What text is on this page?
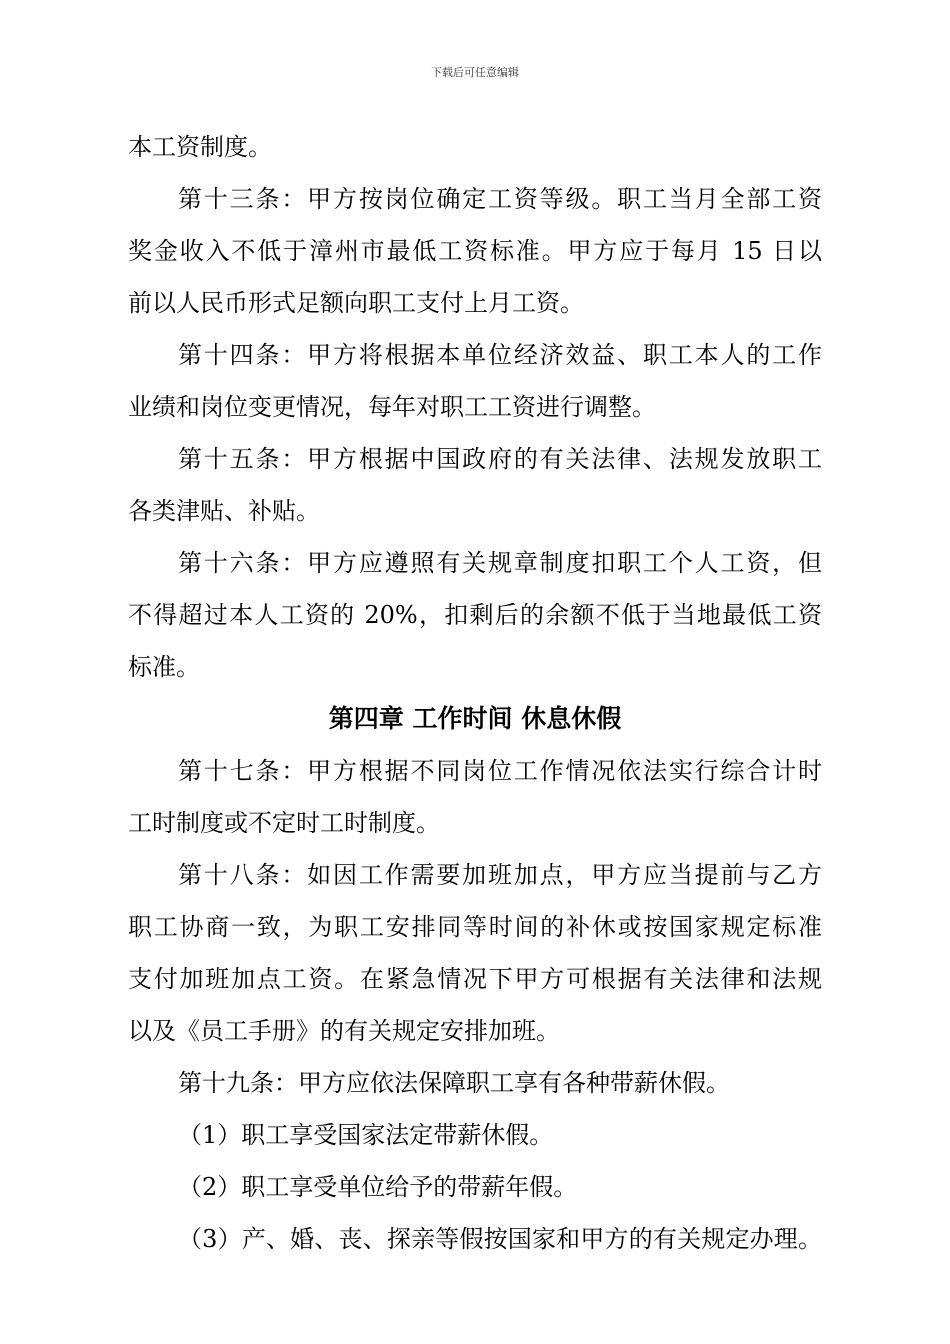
下载后可任意编辑
本工资制度。
第十三条：甲方按岗位确定工资等级。职工当月全部工资
奖金收入不低于漳州市最低工资标准。甲方应于每月 15 日以
前以人民币形式足额向职工支付上月工资。
第十四条：甲方将根据本单位经济效益、职工本人的工作
业绩和岗位变更情况，每年对职工工资进行调整。
第十五条：甲方根据中国政府的有关法律、法规发放职工
各类津贴、补贴。
第十六条：甲方应遵照有关规章制度扣职工个人工资，但
不得超过本人工资的 20%，扣剩后的余额不低于当地最低工资
标准。
第四章 工作时间 休息休假
第十七条：甲方根据不同岗位工作情况依法实行综合计时
工时制度或不定时工时制度。
第十八条：如因工作需要加班加点，甲方应当提前与乙方
职工协商一致，为职工安排同等时间的补休或按国家规定标准
支付加班加点工资。在紧急情况下甲方可根据有关法律和法规
以及《员工手册》的有关规定安排加班。
第十九条：甲方应依法保障职工享有各种带薪休假。
（1）职工享受国家法定带薪休假。
（2）职工享受单位给予的带薪年假。
（3）产、婚、丧、探亲等假按国家和甲方的有关规定办理。
